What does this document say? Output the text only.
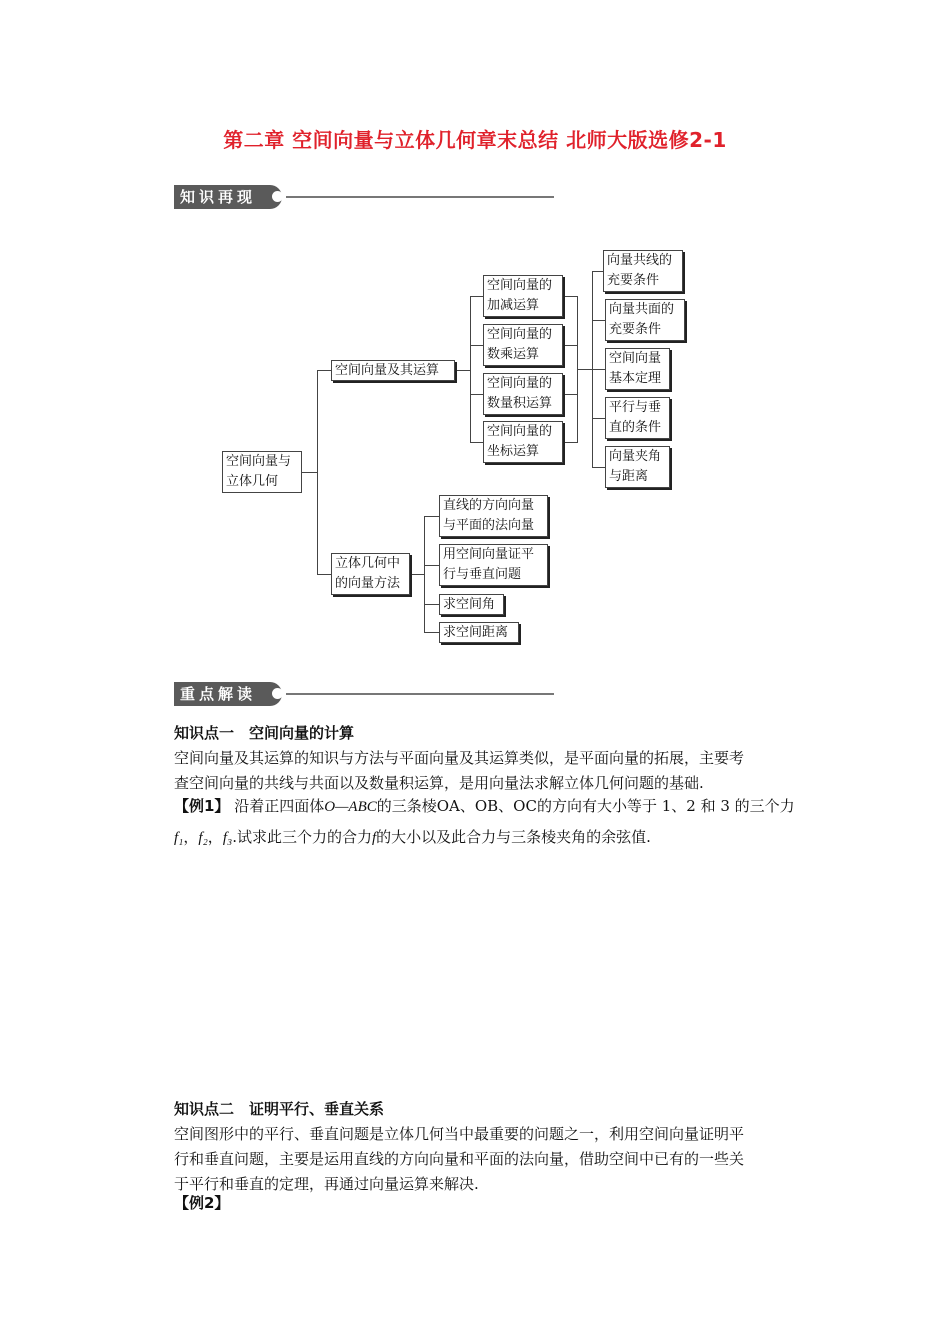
第二章 空间向量与立体几何章末总结 北师大版选修2-1
知识再现
空间向量与
立体几何
空间向量及其运算
空间向量的
加减运算
空间向量的
数乘运算
空间向量的
数量积运算
空间向量的
坐标运算
向量共线的
充要条件
向量共面的
充要条件
空间向量
基本定理
平行与垂
直的条件
向量夹角
与距离
立体几何中
的向量方法
直线的方向向量
与平面的法向量
用空间向量证平
行与垂直问题
求空间角
求空间距离
重点解读
知识点一　空间向量的计算

空间向量及其运算的知识与方法与平面向量及其运算类似，是平面向量的拓展，主要考

查空间向量的共线与共面以及数量积运算，是用向量法求解立体几何问题的基础.

【例1】 沿着正四面体O—ABC的三条棱OA、OB、OC的方向有大小等于 1、2 和 3 的三个力

f₁，f₂，f₃.试求此三个力的合力f的大小以及此合力与三条棱夹角的余弦值.

知识点二　证明平行、垂直关系

空间图形中的平行、垂直问题是立体几何当中最重要的问题之一，利用空间向量证明平

行和垂直问题，主要是运用直线的方向向量和平面的法向量，借助空间中已有的一些关

于平行和垂直的定理，再通过向量运算来解决.

【例2】
